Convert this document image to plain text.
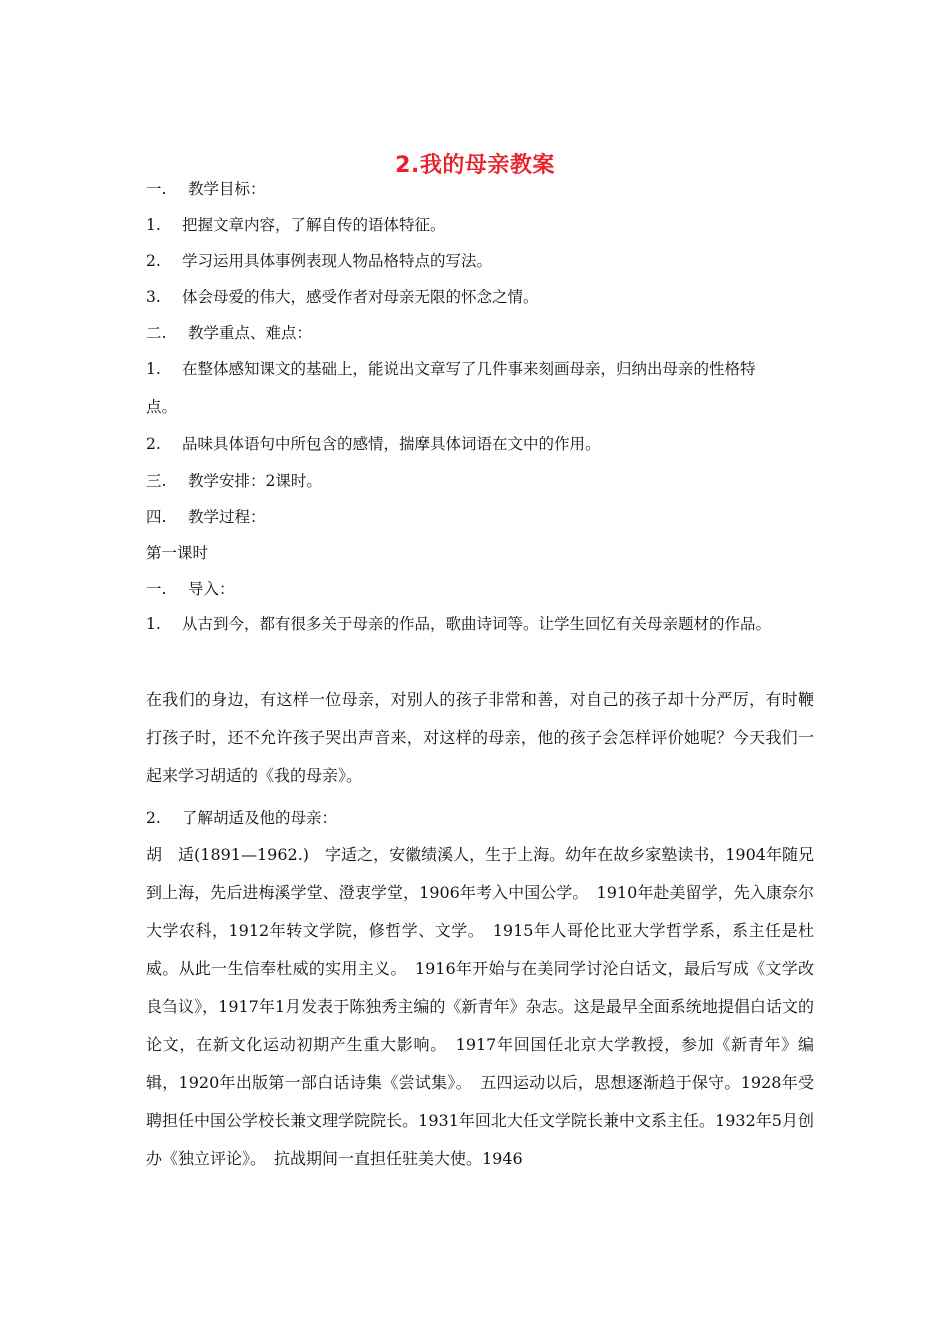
2.我的母亲教案
一. 教学目标：
1. 把握文章内容，了解自传的语体特征。
2. 学习运用具体事例表现人物品格特点的写法。
3. 体会母爱的伟大，感受作者对母亲无限的怀念之情。
二. 教学重点、难点：
1. 在整体感知课文的基础上，能说出文章写了几件事来刻画母亲，归纳出母亲的性格特
点。
2. 品味具体语句中所包含的感情，揣摩具体词语在文中的作用。
三. 教学安排：2课时。
四. 教学过程：
第一课时
一. 导入：
1. 从古到今，都有很多关于母亲的作品，歌曲诗词等。让学生回忆有关母亲题材的作品。
在我们的身边，有这样一位母亲，对别人的孩子非常和善，对自己的孩子却十分严厉，有时鞭打孩子时，还不允许孩子哭出声音来，对这样的母亲，他的孩子会怎样评价她呢？今天我们一起来学习胡适的《我的母亲》。
2. 了解胡适及他的母亲：
胡　适(1891—1962.)　字适之，安徽绩溪人，生于上海。幼年在故乡家塾读书，1904年随兄到上海，先后进梅溪学堂、澄衷学堂，1906年考入中国公学。　1910年赴美留学，先入康奈尔大学农科，1912年转文学院，修哲学、文学。　1915年人哥伦比亚大学哲学系，系主任是杜威。从此一生信奉杜威的实用主义。　1916年开始与在美同学讨沦白话文，最后写成《文学改良刍议》，1917年1月发表于陈独秀主编的《新青年》杂志。这是最早全面系统地提倡白话文的论文，在新文化运动初期产生重大影响。　1917年回国任北京大学教授，参加《新青年》编辑，1920年出版第一部白话诗集《尝试集》。　五四运动以后，思想逐渐趋于保守。1928年受聘担任中国公学校长兼文理学院院长。1931年回北大任文学院长兼中文系主任。1932年5月创办《独立评论》。　抗战期间一直担任驻美大使。1946
